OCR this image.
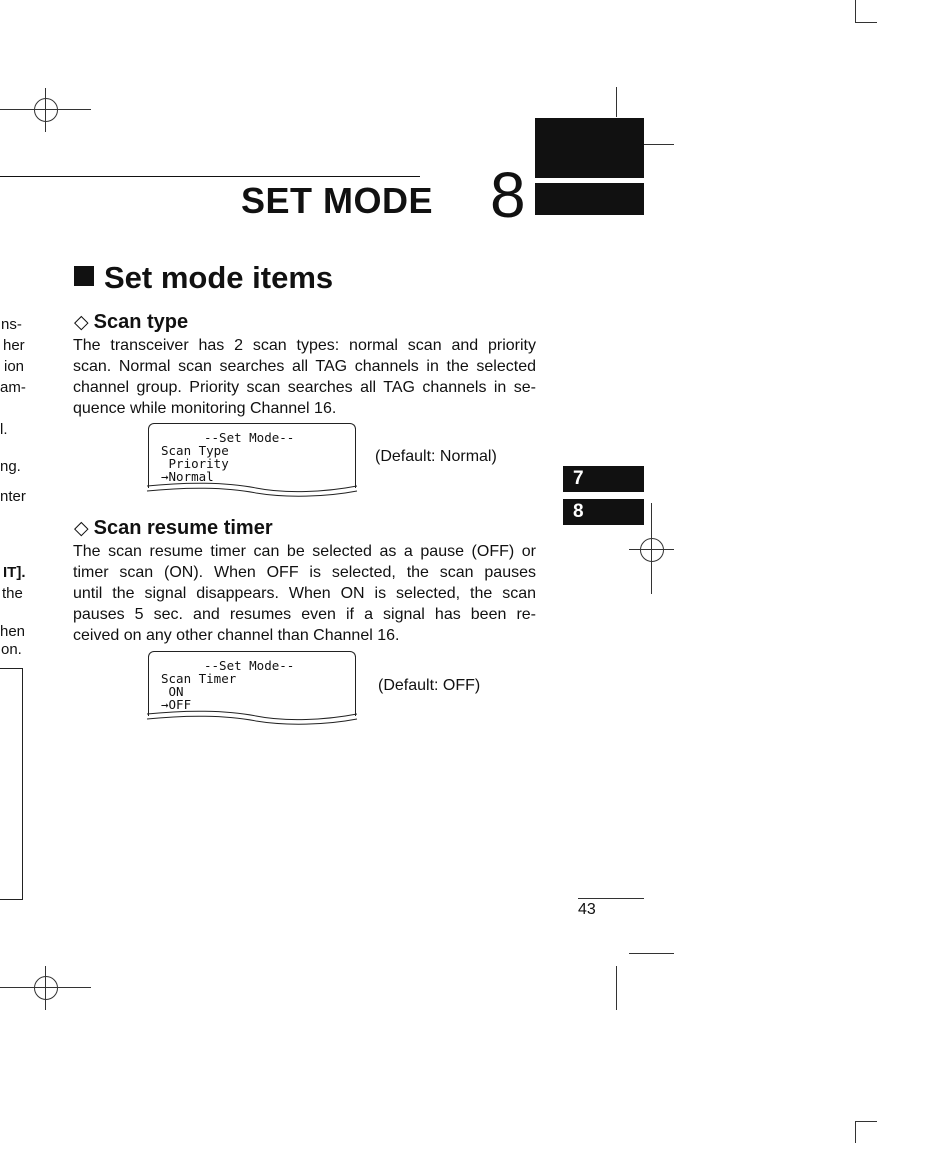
SET MODE 8
Set mode items
◇ Scan type
The transceiver has 2 scan types: normal scan and priority
scan. Normal scan searches all TAG channels in the selected
channel group. Priority scan searches all TAG channels in se-
quence while monitoring Channel 16.
--Set Mode--
Scan Type
Priority
→Normal
(Default: Normal)
◇ Scan resume timer
The scan resume timer can be selected as a pause (OFF) or
timer scan (ON). When OFF is selected, the scan pauses
until the signal disappears. When ON is selected, the scan
pauses 5 sec. and resumes even if a signal has been re-
ceived on any other channel than Channel 16.
--Set Mode--
Scan Timer
ON
→OFF
(Default: OFF)
7
8
ns-
her
ion
am-
l.
ng.
nter
IT].
the
hen
on.
43
